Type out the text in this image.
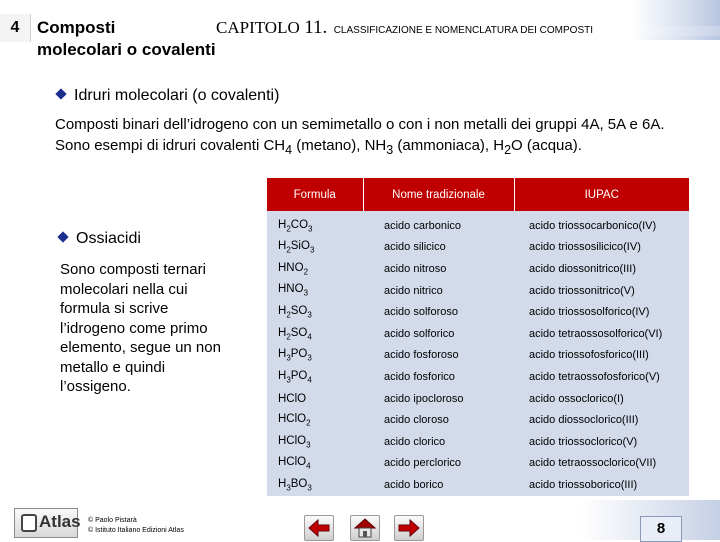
4	Composti
molecolari o covalenti
CAPITOLO 11. CLASSIFICAZIONE E NOMENCLATURA DEI COMPOSTI
Idruri molecolari (o covalenti)
Composti binari dell’idrogeno con un semimetallo o con i non metalli dei gruppi 4A, 5A e 6A. Sono esempi di idruri covalenti $CH_4$ (metano), $NH_3$ (ammoniaca), $H_2O$ (acqua).
Ossiacidi
Sono composti ternari molecolari nella cui formula si scrive l’idrogeno come primo elemento, segue un non metallo e quindi l’ossigeno.
Formula	Nome tradizionale	IUPAC
$H_2CO_3$	acido carbonico	acido triossocarbonico(IV)
$H_2SiO_3$	acido silicico	acido triossosilicico(IV)
$HNO_2$	acido nitroso	acido diossonitrico(III)
$HNO_3$	acido nitrico	acido triossonitrico(V)
$H_2SO_3$	acido solforoso	acido triossosolforico(IV)
$H_2SO_4$	acido solforico	acido tetraossosolforico(VI)
$H_3PO_3$	acido fosforoso	acido triossofosforico(III)
$H_3PO_4$	acido fosforico	acido tetraossofosforico(V)
HClO	acido ipocloroso	acido ossoclorico(I)
HClO$_2$	acido cloroso	acido diossoclorico(III)
HClO$_3$	acido clorico	acido triossoclorico(V)
HClO$_4$	acido perclorico	acido tetraossoclorico(VII)
$H_3BO_3$	acido borico	acido triossoborico(III)
Atlas © Paolo Pistarà
© Istituto Italiano Edizioni Atlas	8
